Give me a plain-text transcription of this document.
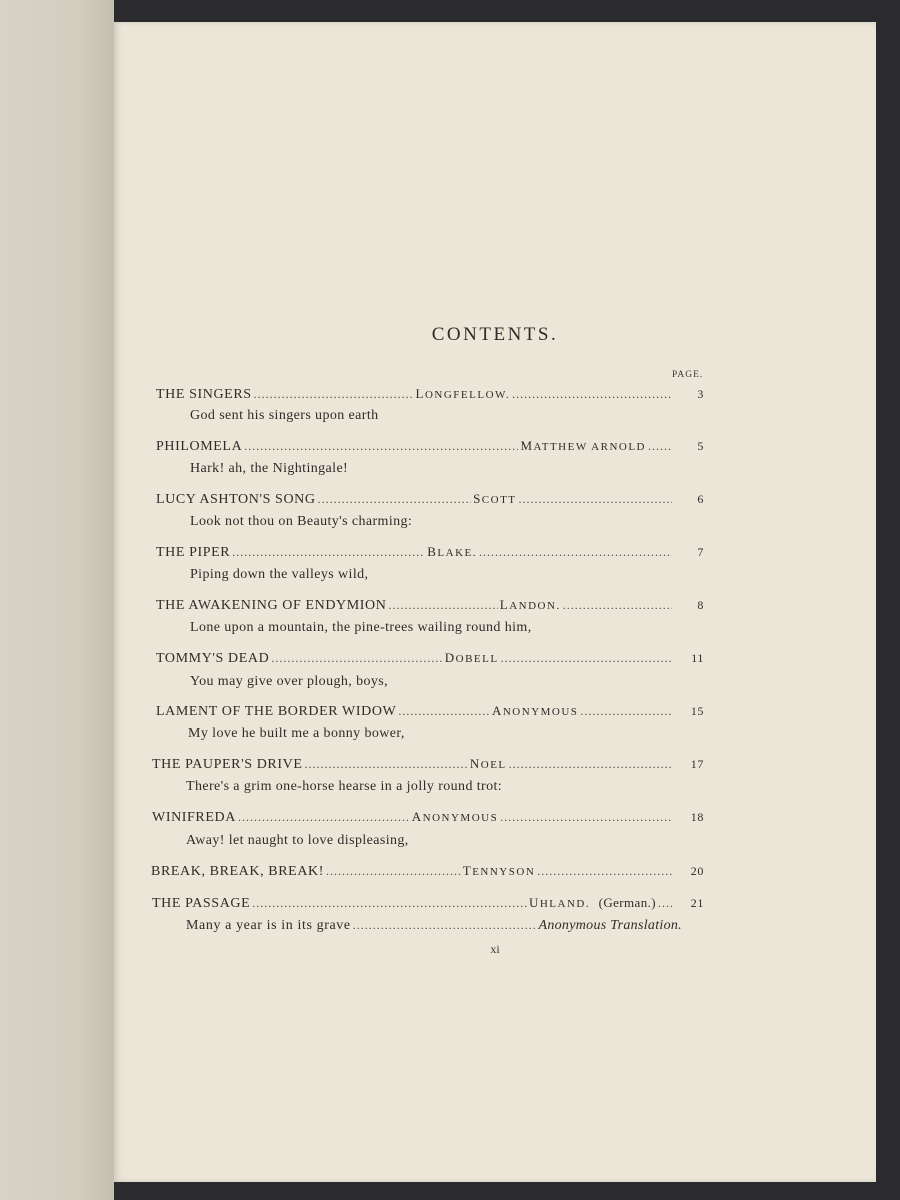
CONTENTS.
PAGE.
THE SINGERS . . .	LONGFELLOW. . . .	3
God sent his singers upon earth
PHILOMELA . . .	MATTHEW ARNOLD . . .	5
Hark! ah, the Nightingale!
LUCY ASHTON'S SONG . . .	SCOTT . . .	6
Look not thou on Beauty's charming:
THE PIPER . . .	BLAKE. . . .	7
Piping down the valleys wild,
THE AWAKENING OF ENDYMION . . .	LANDON. . . .	8
Lone upon a mountain, the pine-trees wailing round him,
TOMMY'S DEAD . . .	DOBELL . . .	11
You may give over plough, boys,
LAMENT OF THE BORDER WIDOW . . .	ANONYMOUS . . .	15
My love he built me a bonny bower,
THE PAUPER'S DRIVE . . .	NOEL . . .	17
There's a grim one-horse hearse in a jolly round trot:
WINIFREDA . . .	ANONYMOUS . . .	18
Away! let naught to love displeasing,
BREAK, BREAK, BREAK! . . .	TENNYSON . . .	20
THE PASSAGE . . .	UHLAND. (German.) . . .	21
Many a year is in its grave . . .	Anonymous Translation.
xi
